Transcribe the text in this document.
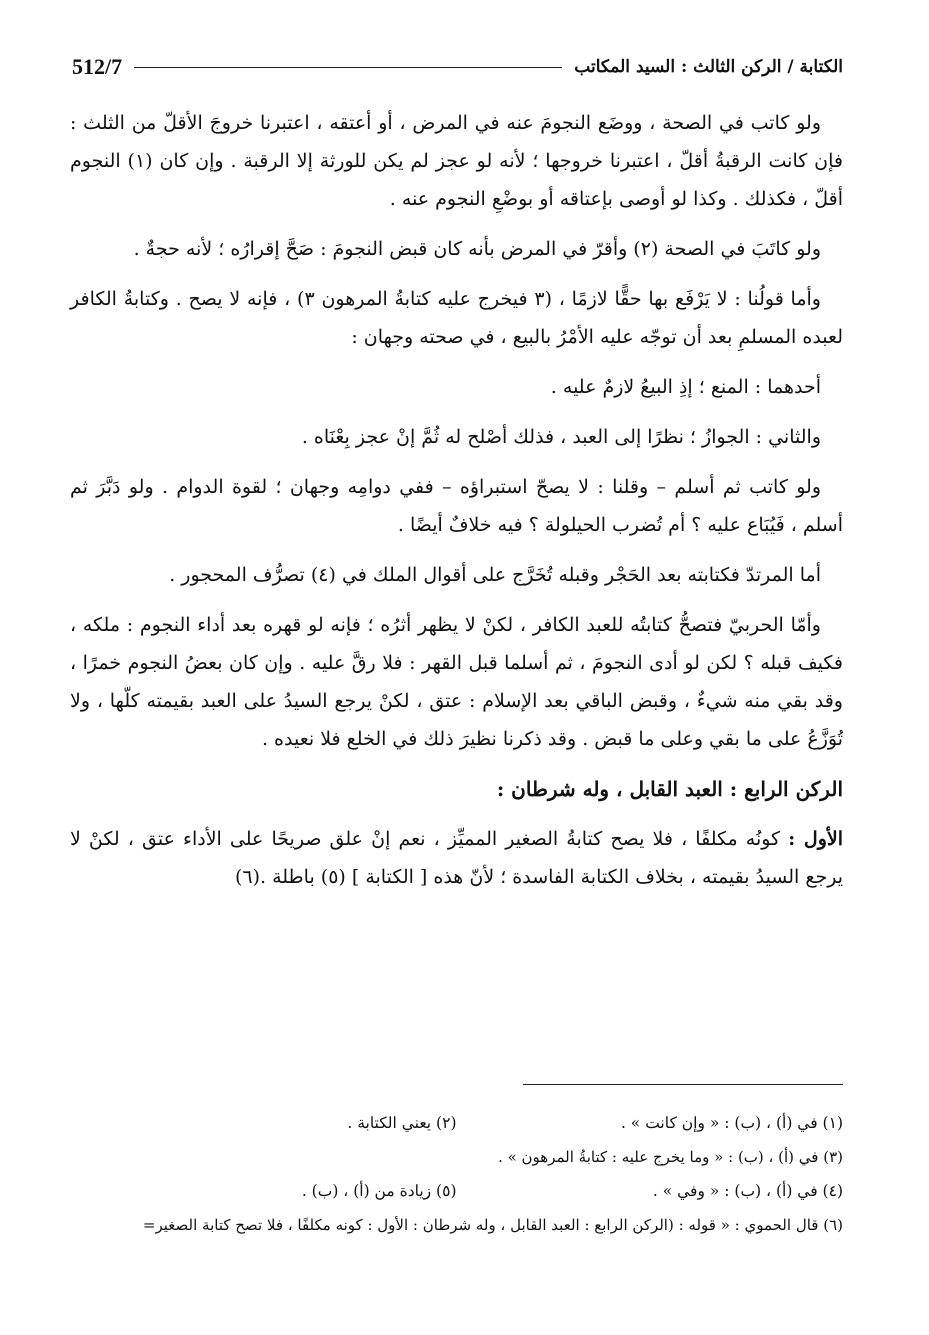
512/7	الكتابة / الركن الثالث : السيد المكاتب

ولو كاتب في الصحة ، ووضَع النجومَ عنه في المرض ، أو أعتقه ، اعتبرنا خروجَ الأقلّ من الثلث : فإن كانت الرقبةُ أقلّ ، اعتبرنا خروجها ؛ لأنه لو عجز لم يكن للورثة إلا الرقبة . وإن كان (١) النجوم أقلّ ، فكذلك . وكذا لو أوصى بإعتاقه أو بوضْعِ النجوم عنه .

ولو كاتَبَ في الصحة (٢) وأقرّ في المرض بأنه كان قبض النجومَ : صَحَّ إقرارُه ؛ لأنه حجةٌ .

وأما قولُنا : لا يَرْفَع بها حقًّا لازمًا ، (٣ فيخرج عليه كتابةُ المرهون ٣) ، فإنه لا يصح . وكتابةُ الكافر لعبده المسلمِ بعد أن توجّه عليه الأمْرُ بالبيع ، في صحته وجهان :

أحدهما : المنع ؛ إذِ البيعُ لازمٌ عليه .

والثاني : الجوازُ ؛ نظرًا إلى العبد ، فذلك أصْلح له ثُمَّ إنْ عجز بِعْنَاه .

ولو كاتب ثم أسلم – وقلنا : لا يصحّ استبراؤه – ففي دوامِه وجهان ؛ لقوة الدوام . ولو دَبَّرَ ثم أسلم ، فَيُبَاع عليه ؟ أم تُضرب الحيلولة ؟ فيه خلافٌ أيضًا .

أما المرتدّ فكتابته بعد الحَجْر وقبله تُخَرَّج على أقوال الملك في (٤) تصرُّف المحجور .

وأمّا الحربيّ فتصحُّ كتابتُه للعبد الكافر ، لكنْ لا يظهر أثرُه ؛ فإنه لو قهره بعد أداء النجوم : ملكه ، فكيف قبله ؟ لكن لو أدى النجومَ ، ثم أسلما قبل القهر : فلا رقَّ عليه . وإن كان بعضُ النجوم خمرًا ، وقد بقي منه شيءٌ ، وقبض الباقي بعد الإسلام : عتق ، لكنْ يرجع السيدُ على العبد بقيمته كلّها ، ولا تُوَزَّعُ على ما بقي وعلى ما قبض . وقد ذكرنا نظيرَ ذلك في الخلع فلا نعيده .

الركن الرابع : العبد القابل ، وله شرطان :

الأول : كونُه مكلفًا ، فلا يصح كتابةُ الصغير المميِّز ، نعم إنْ علق صريحًا على الأداء عتق ، لكنْ لا يرجع السيدُ بقيمته ، بخلاف الكتابة الفاسدة ؛ لأنّ هذه [ الكتابة ] (٥) باطلة .(٦)

(١) في (أ) ، (ب) : « وإن كانت » .
(٢) يعني الكتابة .
(٣) في (أ) ، (ب) : « وما يخرج عليه : كتابةُ المرهون » .
(٤) في (أ) ، (ب) : « وفي » .
(٥) زيادة من (أ) ، (ب) .
(٦) قال الحموي : « قوله : (الركن الرابع : العبد القابل ، وله شرطان : الأول : كونه مكلفًا ، فلا تصح كتابة الصغير=
